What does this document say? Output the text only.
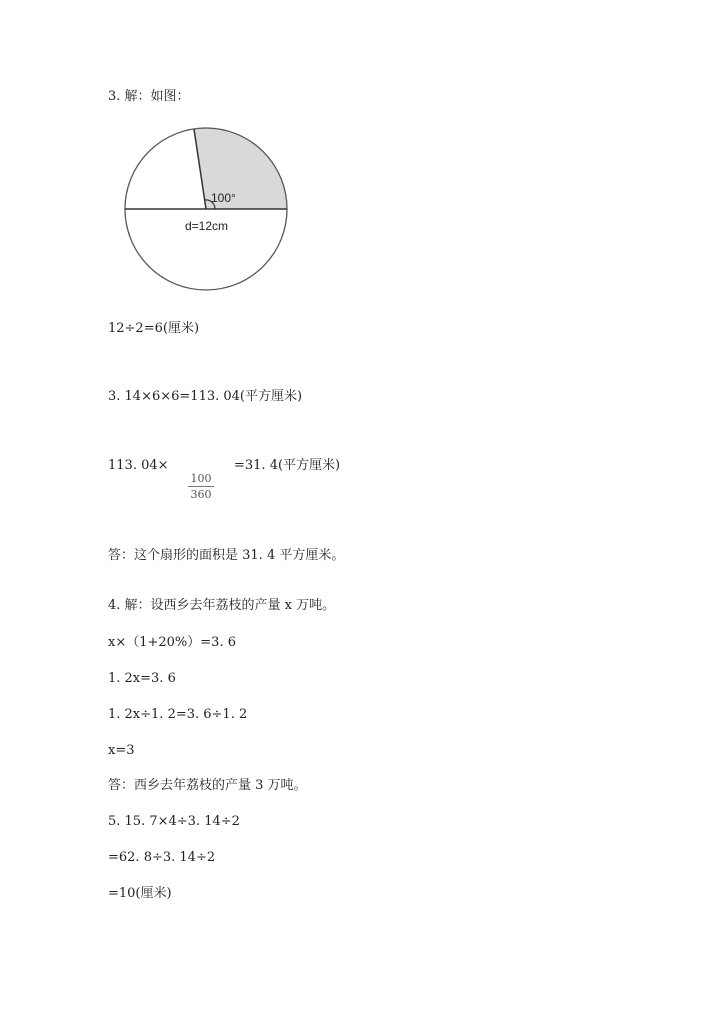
3. 解：如图：
100°
d=12cm
12÷2=6(厘米)
3. 14×6×6=113. 04(平方厘米)
113. 04×
100
360
=31. 4(平方厘米)
答：这个扇形的面积是 31. 4 平方厘米。
4. 解：设西乡去年荔枝的产量 x 万吨。
x×（1+20%）=3. 6
1. 2x=3. 6
1. 2x÷1. 2=3. 6÷1. 2
x=3
答：西乡去年荔枝的产量 3 万吨。
5. 15. 7×4÷3. 14÷2
=62. 8÷3. 14÷2
=10(厘米)
